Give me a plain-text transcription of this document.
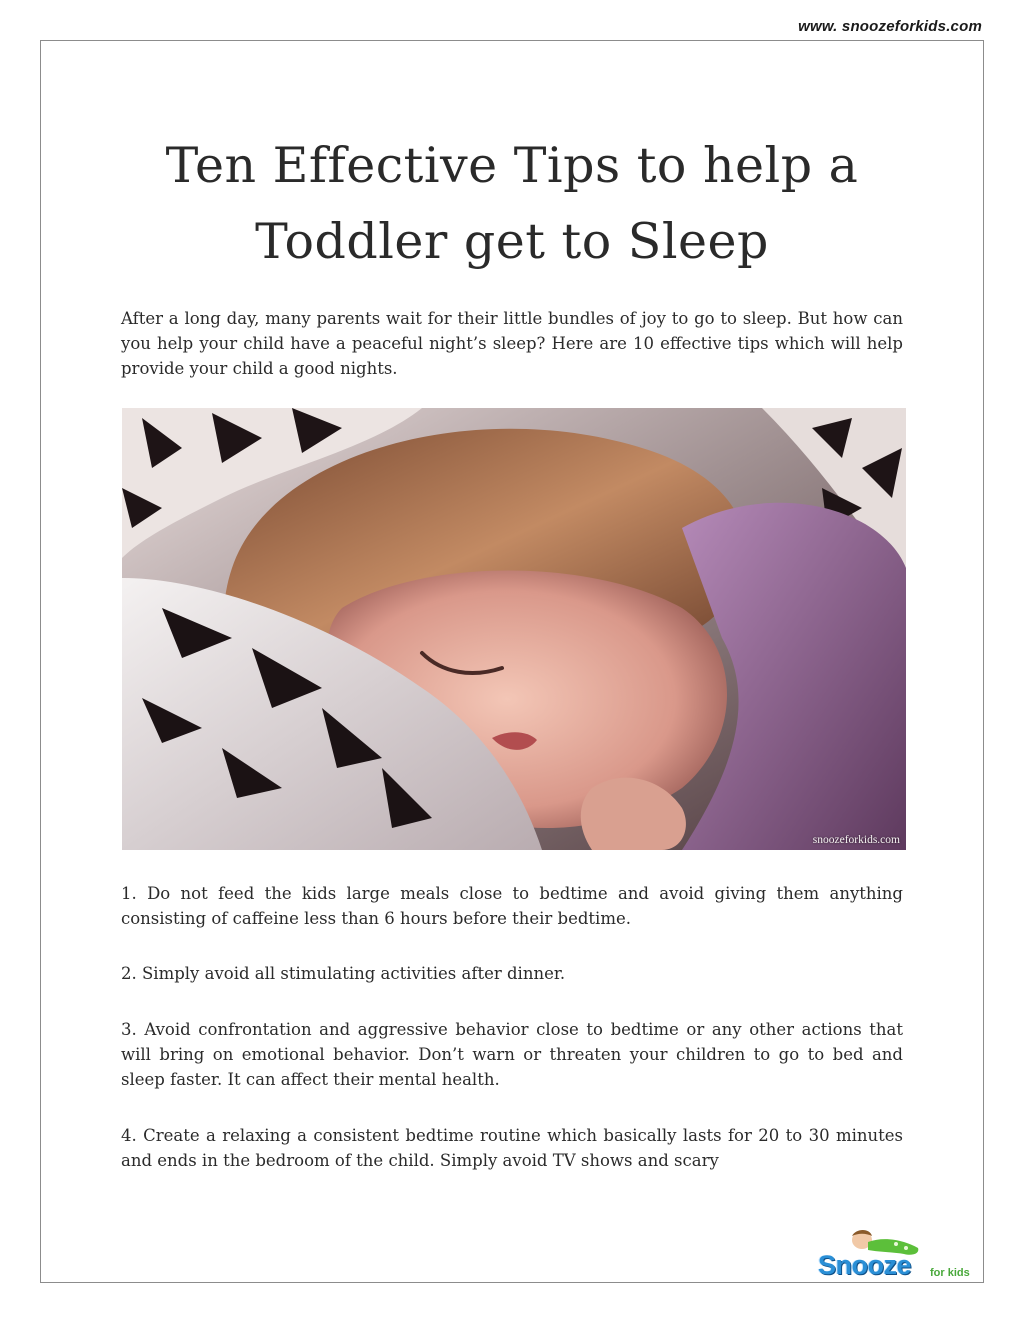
www. snoozeforkids.com
Ten Effective Tips to help a Toddler get to Sleep

After a long day, many parents wait for their little bundles of joy to go to sleep. But how can you help your child have a peaceful night’s sleep? Here are 10 effective tips which will help provide your child a good nights.

snoozeforkids.com

1. Do not feed the kids large meals close to bedtime and avoid giving them anything consisting of caffeine less than 6 hours before their bedtime.

2. Simply avoid all stimulating activities after dinner.

3. Avoid confrontation and aggressive behavior close to bedtime or any other actions that will bring on emotional behavior. Don’t warn or threaten your children to go to bed and sleep faster. It can affect their mental health.

4. Create a relaxing a consistent bedtime routine which basically lasts for 20 to 30 minutes and ends in the bedroom of the child. Simply avoid TV shows and scary

Snooze for kids
